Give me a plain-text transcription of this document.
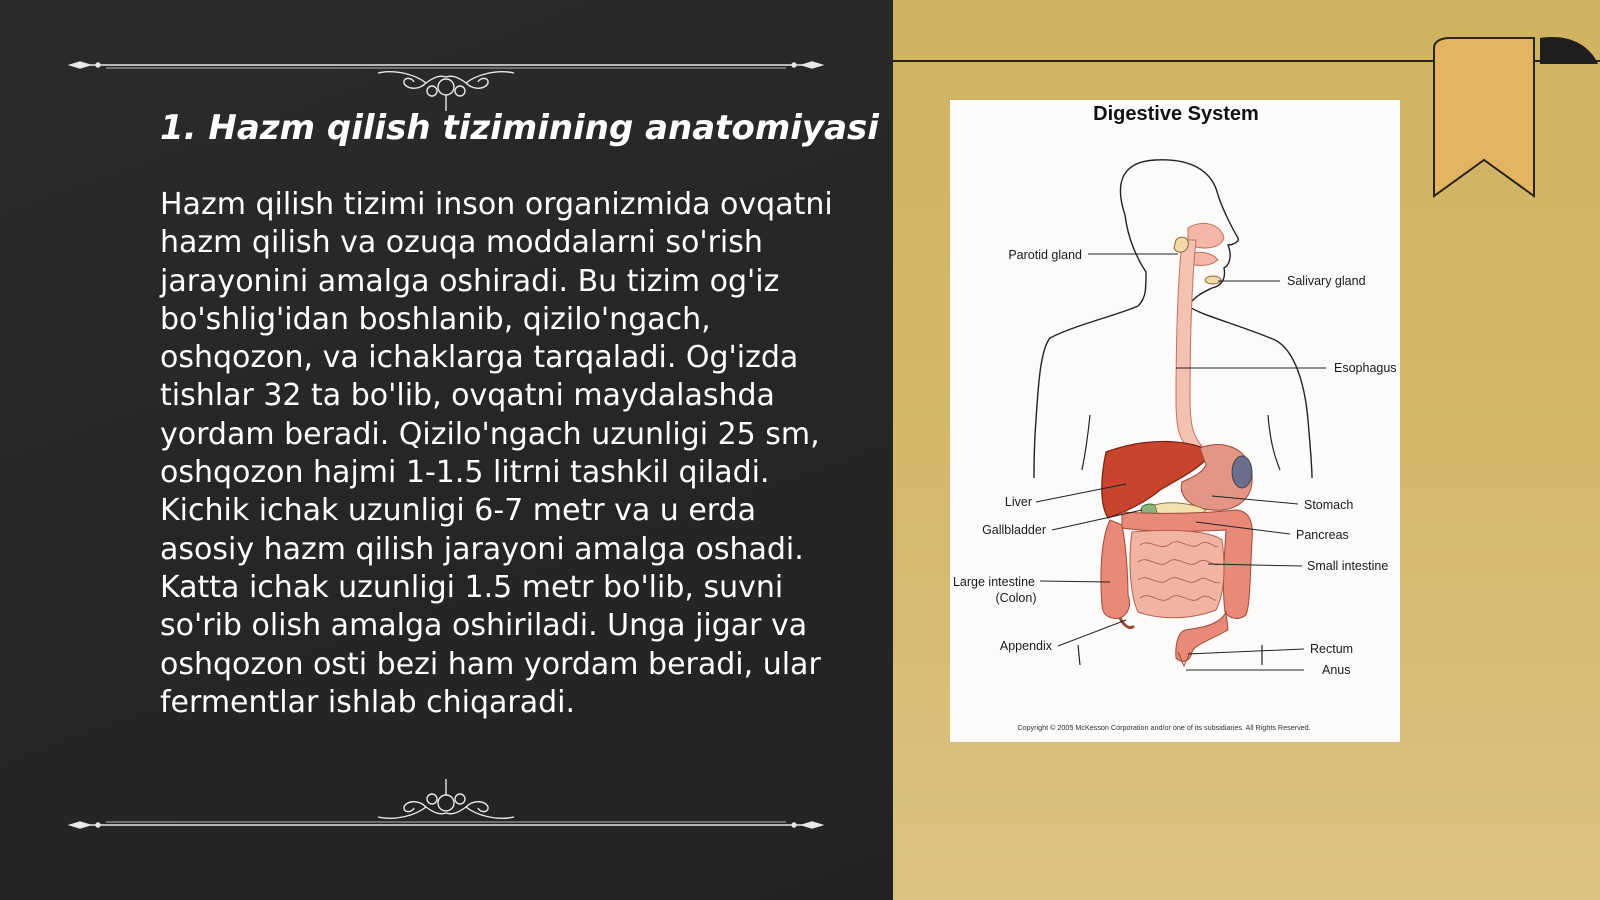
1. Hazm qilish tizimining anatomiyasi

Hazm qilish tizimi inson organizmida ovqatni hazm qilish va ozuqa moddalarni so'rish jarayonini amalga oshiradi. Bu tizim og'iz bo'shlig'idan boshlanib, qizilo'ngach, oshqozon, va ichaklarga tarqaladi. Og'izda tishlar 32 ta bo'lib, ovqatni maydalashda yordam beradi. Qizilo'ngach uzunligi 25 sm, oshqozon hajmi 1-1.5 litrni tashkil qiladi. Kichik ichak uzunligi 6-7 metr va u erda asosiy hazm qilish jarayoni amalga oshadi. Katta ichak uzunligi 1.5 metr bo'lib, suvni so'rib olish amalga oshiriladi. Unga jigar va oshqozon osti bezi ham yordam beradi, ular fermentlar ishlab chiqaradi.

Digestive System
Parotid gland
Salivary gland
Esophagus
Liver	Stomach
Gallbladder	Pancreas
Small intestine
Large intestine
(Colon)
Appendix	Rectum
Anus
Copyright © 2005 McKesson Corporation and/or one of its subsidiaries. All Rights Reserved.
